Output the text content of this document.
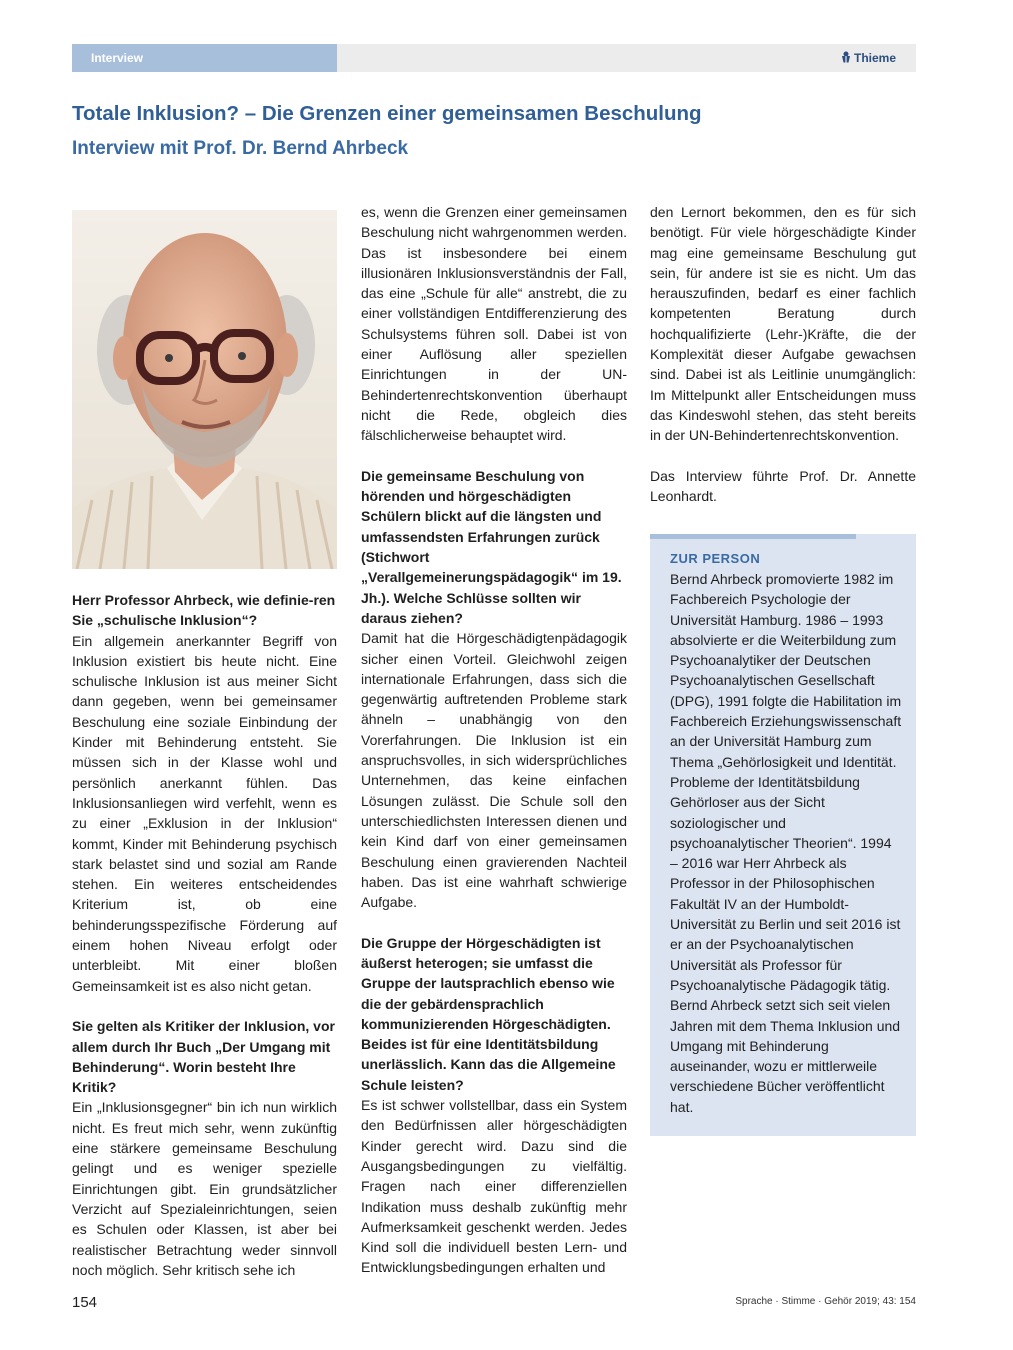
Interview	Thieme
Totale Inklusion? – Die Grenzen einer gemeinsamen Beschulung
Interview mit Prof. Dr. Bernd Ahrbeck

Herr Professor Ahrbeck, wie definie-ren Sie „schulische Inklusion“?

Ein allgemein anerkannter Begriff von Inklusion existiert bis heute nicht. Eine schulische Inklusion ist aus meiner Sicht dann gegeben, wenn bei gemeinsamer Beschulung eine soziale Einbindung der Kinder mit Behinderung entsteht. Sie müssen sich in der Klasse wohl und persönlich anerkannt fühlen. Das Inklusionsanliegen wird verfehlt, wenn es zu einer „Exklusion in der Inklusion“ kommt, Kinder mit Behinderung psychisch stark belastet sind und sozial am Rande stehen. Ein weiteres entscheidendes Kriterium ist, ob eine behinderungsspezifische Förderung auf einem hohen Niveau erfolgt oder unterbleibt. Mit einer bloßen Gemeinsamkeit ist es also nicht getan.

Sie gelten als Kritiker der Inklusion, vor allem durch Ihr Buch „Der Umgang mit Behinderung“. Worin besteht Ihre Kritik?

Ein „Inklusionsgegner“ bin ich nun wirklich nicht. Es freut mich sehr, wenn zukünftig eine stärkere gemeinsame Beschulung gelingt und es weniger spezielle Einrichtungen gibt. Ein grundsätzlicher Verzicht auf Spezialeinrichtungen, seien es Schulen oder Klassen, ist aber bei realistischer Betrachtung weder sinnvoll noch möglich. Sehr kritisch sehe ich

es, wenn die Grenzen einer gemeinsamen Beschulung nicht wahrgenommen werden. Das ist insbesondere bei einem illusionären Inklusionsverständnis der Fall, das eine „Schule für alle“ anstrebt, die zu einer vollständigen Entdifferenzierung des Schulsystems führen soll. Dabei ist von einer Auflösung aller speziellen Einrichtungen in der UN-Behindertenrechtskonvention überhaupt nicht die Rede, obgleich dies fälschlicherweise behauptet wird.

Die gemeinsame Beschulung von hörenden und hörgeschädigten Schülern blickt auf die längsten und umfassendsten Erfahrungen zurück (Stichwort „Verallgemeinerungspädagogik“ im 19. Jh.). Welche Schlüsse sollten wir daraus ziehen?

Damit hat die Hörgeschädigtenpädagogik sicher einen Vorteil. Gleichwohl zeigen internationale Erfahrungen, dass sich die gegenwärtig auftretenden Probleme stark ähneln – unabhängig von den Vorerfahrungen. Die Inklusion ist ein anspruchsvolles, in sich widersprüchliches Unternehmen, das keine einfachen Lösungen zulässt. Die Schule soll den unterschiedlichsten Interessen dienen und kein Kind darf von einer gemeinsamen Beschulung einen gravierenden Nachteil haben. Das ist eine wahrhaft schwierige Aufgabe.

Die Gruppe der Hörgeschädigten ist äußerst heterogen; sie umfasst die Gruppe der lautsprachlich ebenso wie die der gebärdensprachlich kommunizierenden Hörgeschädigten. Beides ist für eine Identitätsbildung unerlässlich. Kann das die Allgemeine Schule leisten?

Es ist schwer vollstellbar, dass ein System den Bedürfnissen aller hörgeschädigten Kinder gerecht wird. Dazu sind die Ausgangsbedingungen zu vielfältig. Fragen nach einer differenziellen Indikation muss deshalb zukünftig mehr Aufmerksamkeit geschenkt werden. Jedes Kind soll die individuell besten Lern- und Entwicklungsbedingungen erhalten und

den Lernort bekommen, den es für sich benötigt. Für viele hörgeschädigte Kinder mag eine gemeinsame Beschulung gut sein, für andere ist sie es nicht. Um das herauszufinden, bedarf es einer fachlich kompetenten Beratung durch hochqualifizierte (Lehr-)Kräfte, die der Komplexität dieser Aufgabe gewachsen sind. Dabei ist als Leitlinie unumgänglich: Im Mittelpunkt aller Entscheidungen muss das Kindeswohl stehen, das steht bereits in der UN-Behindertenrechtskonvention.

Das Interview führte Prof. Dr. Annette Leonhardt.

ZUR PERSON
Bernd Ahrbeck promovierte 1982 im Fachbereich Psychologie der Universität Hamburg. 1986 – 1993 absolvierte er die Weiterbildung zum Psychoanalytiker der Deutschen Psychoanalytischen Gesellschaft (DPG), 1991 folgte die Habilitation im Fachbereich Erziehungswissenschaft an der Universität Hamburg zum Thema „Gehörlosigkeit und Identität. Probleme der Identitätsbildung Gehörloser aus der Sicht soziologischer und psychoanalytischer Theorien“. 1994 – 2016 war Herr Ahrbeck als Professor in der Philosophischen Fakultät IV an der Humboldt-Universität zu Berlin und seit 2016 ist er an der Psychoanalytischen Universität als Professor für Psychoanalytische Pädagogik tätig. Bernd Ahrbeck setzt sich seit vielen Jahren mit dem Thema Inklusion und Umgang mit Behinderung auseinander, wozu er mittlerweile verschiedene Bücher veröffentlicht hat.
154	Sprache · Stimme · Gehör 2019; 43: 154
